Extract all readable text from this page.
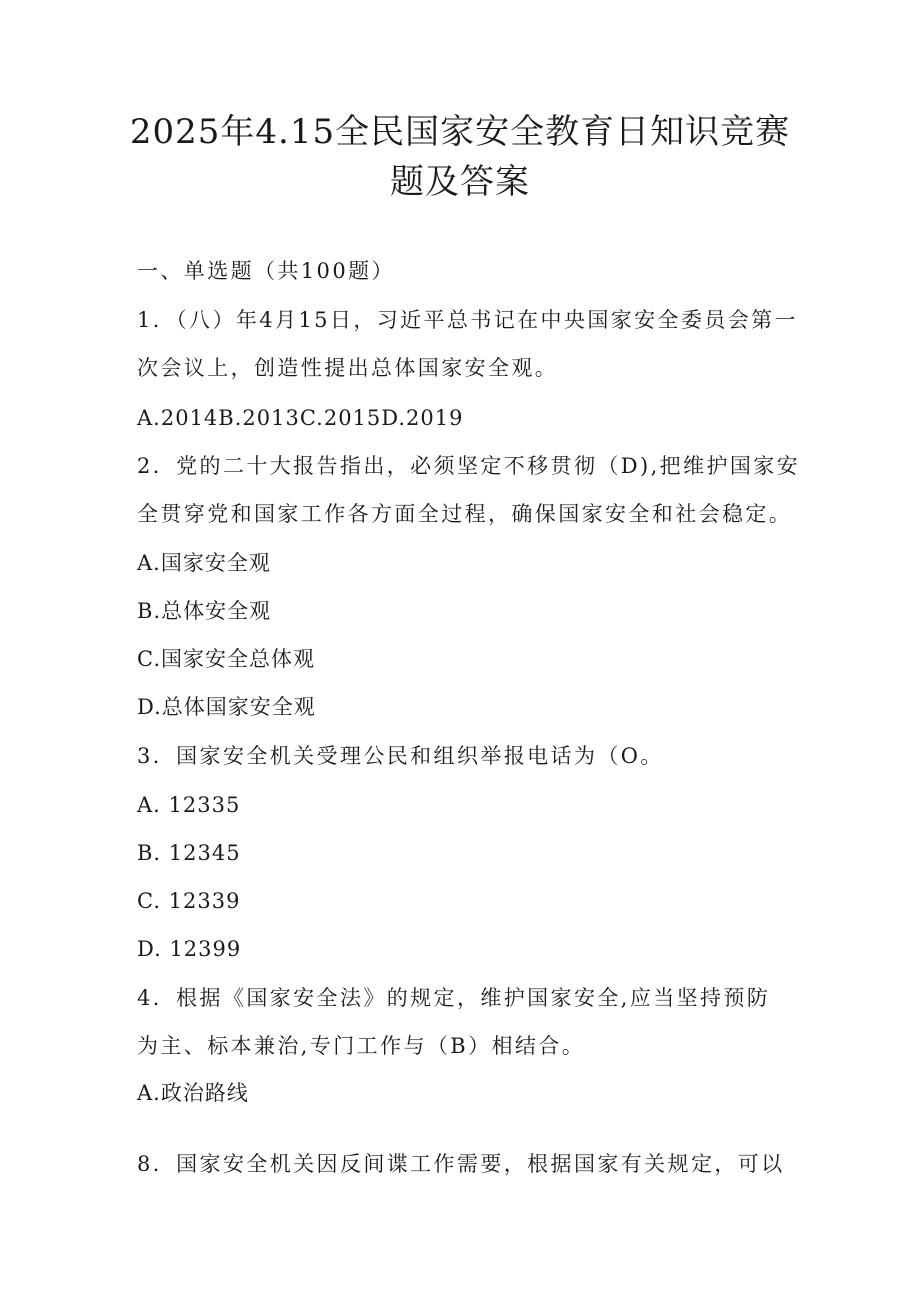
2025年4.15全民国家安全教育日知识竞赛
题及答案
一、单选题（共100题）
1．（八）年4月15日，习近平总书记在中央国家安全委员会第一
次会议上，创造性提出总体国家安全观。
A.2014B.2013C.2015D.2019
2．党的二十大报告指出，必须坚定不移贯彻（D),把维护国家安
全贯穿党和国家工作各方面全过程，确保国家安全和社会稳定。
A.国家安全观
B.总体安全观
C.国家安全总体观
D.总体国家安全观
3．国家安全机关受理公民和组织举报电话为（O。
A. 12335
B. 12345
C. 12339
D. 12399
4．根据《国家安全法》的规定，维护国家安全,应当坚持预防
为主、标本兼治,专门工作与（B）相结合。
A.政治路线
8．国家安全机关因反间谍工作需要，根据国家有关规定，可以
